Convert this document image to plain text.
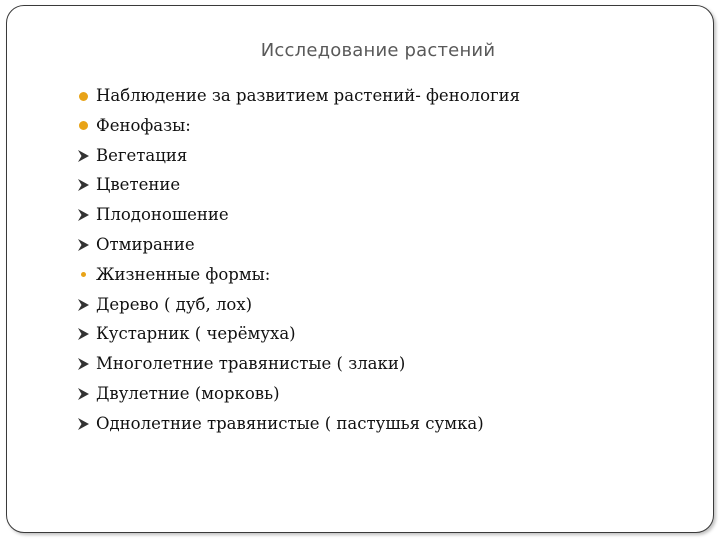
Исследование растений
Наблюдение за развитием растений- фенология
Фенофазы:
Вегетация
Цветение
Плодоношение
Отмирание
Жизненные формы:
Дерево ( дуб, лох)
Кустарник ( черёмуха)
Многолетние травянистые ( злаки)
Двулетние (морковь)
Однолетние травянистые ( пастушья сумка)
